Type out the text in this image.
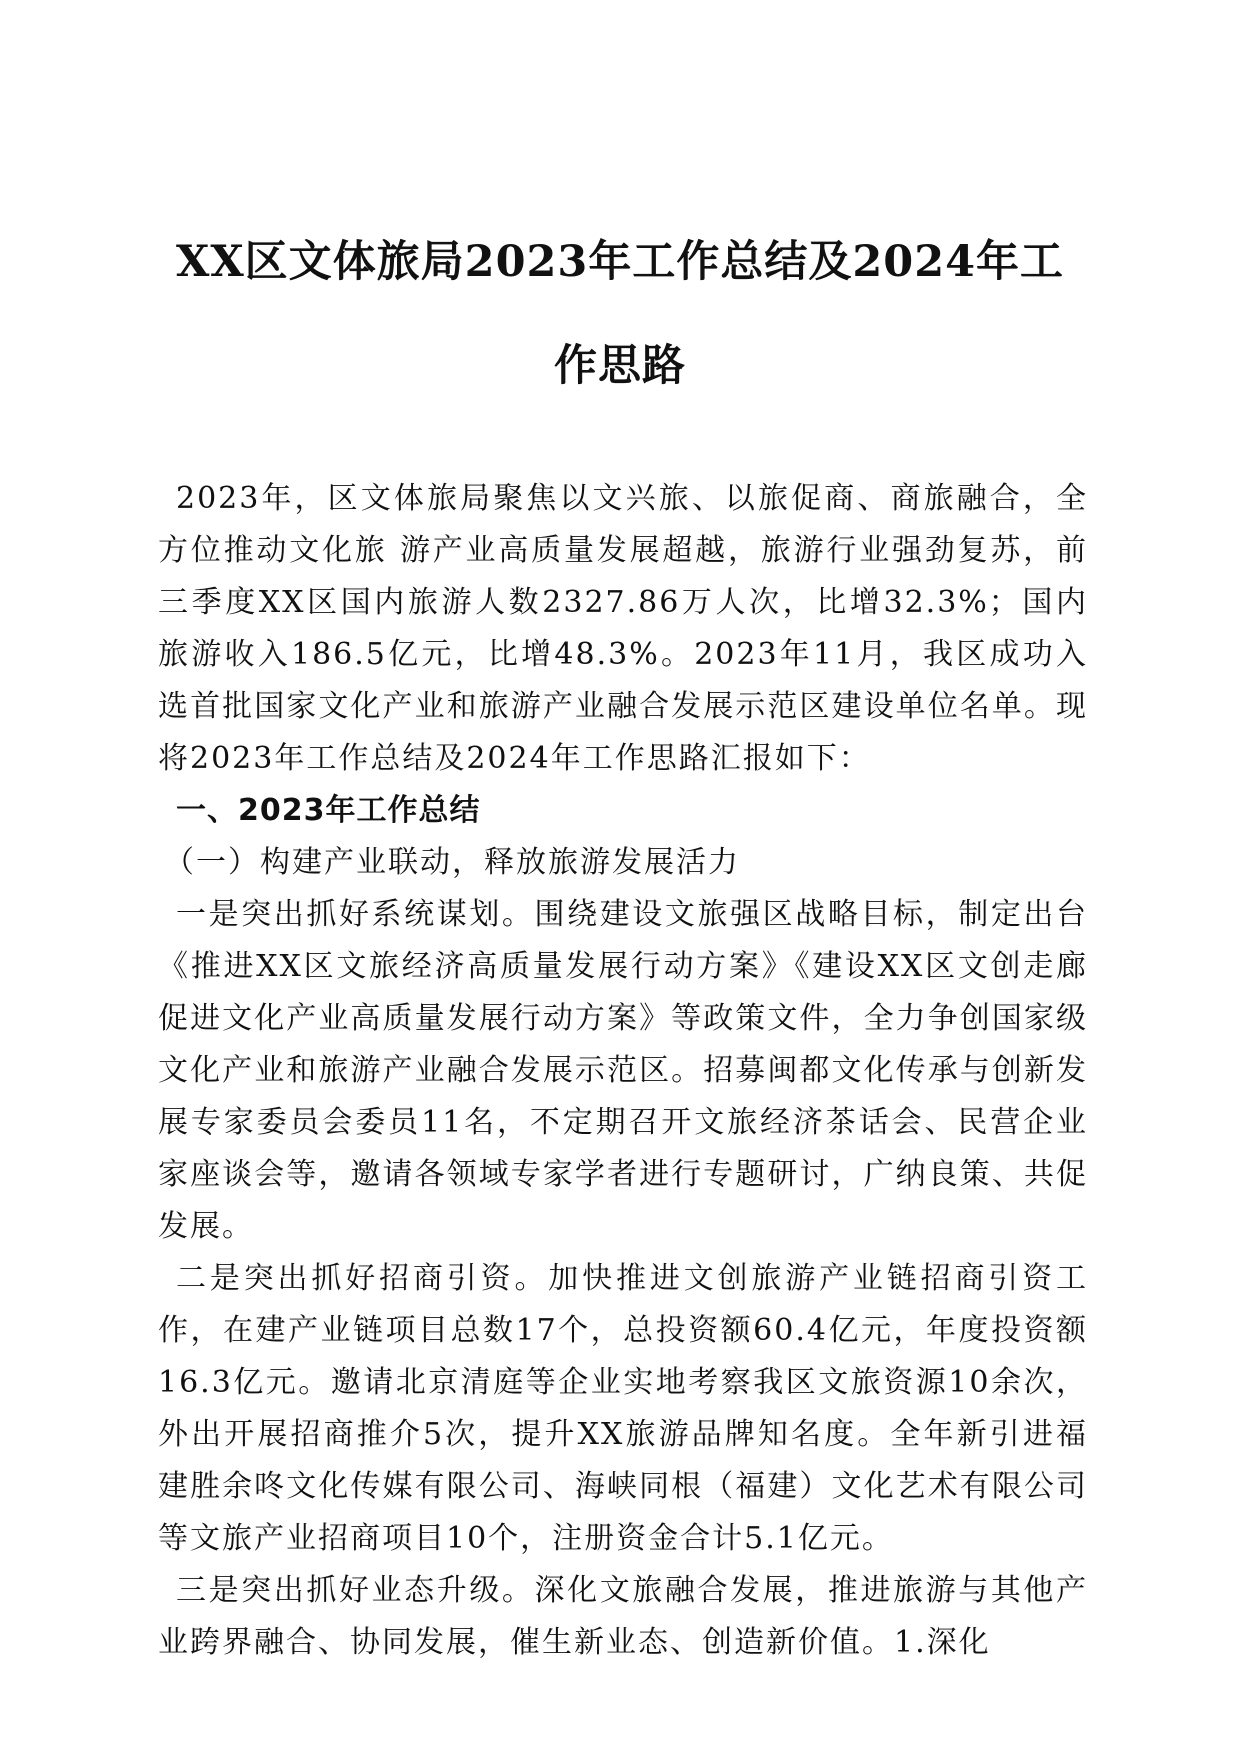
XX区文体旅局2023年工作总结及2024年工
作思路

2023年，区文体旅局聚焦以文兴旅、以旅促商、商旅融合，全方位推动文化旅 游产业高质量发展超越，旅游行业强劲复苏，前三季度XX区国内旅游人数2327.86万人次，比增32.3%；国内旅游收入186.5亿元，比增48.3%。2023年11月，我区成功入选首批国家文化产业和旅游产业融合发展示范区建设单位名单。现将2023年工作总结及2024年工作思路汇报如下：

一、2023年工作总结

（一）构建产业联动，释放旅游发展活力

一是突出抓好系统谋划。围绕建设文旅强区战略目标，制定出台《推进XX区文旅经济高质量发展行动方案》《建设XX区文创走廊促进文化产业高质量发展行动方案》等政策文件，全力争创国家级文化产业和旅游产业融合发展示范区。招募闽都文化传承与创新发展专家委员会委员11名，不定期召开文旅经济茶话会、民营企业家座谈会等，邀请各领域专家学者进行专题研讨，广纳良策、共促发展。

二是突出抓好招商引资。加快推进文创旅游产业链招商引资工作，在建产业链项目总数17个，总投资额60.4亿元，年度投资额16.3亿元。邀请北京清庭等企业实地考察我区文旅资源10余次，外出开展招商推介5次，提升XX旅游品牌知名度。全年新引进福建胜余咚文化传媒有限公司、海峡同根（福建）文化艺术有限公司等文旅产业招商项目10个，注册资金合计5.1亿元。

三是突出抓好业态升级。深化文旅融合发展，推进旅游与其他产业跨界融合、协同发展，催生新业态、创造新价值。1.深化
